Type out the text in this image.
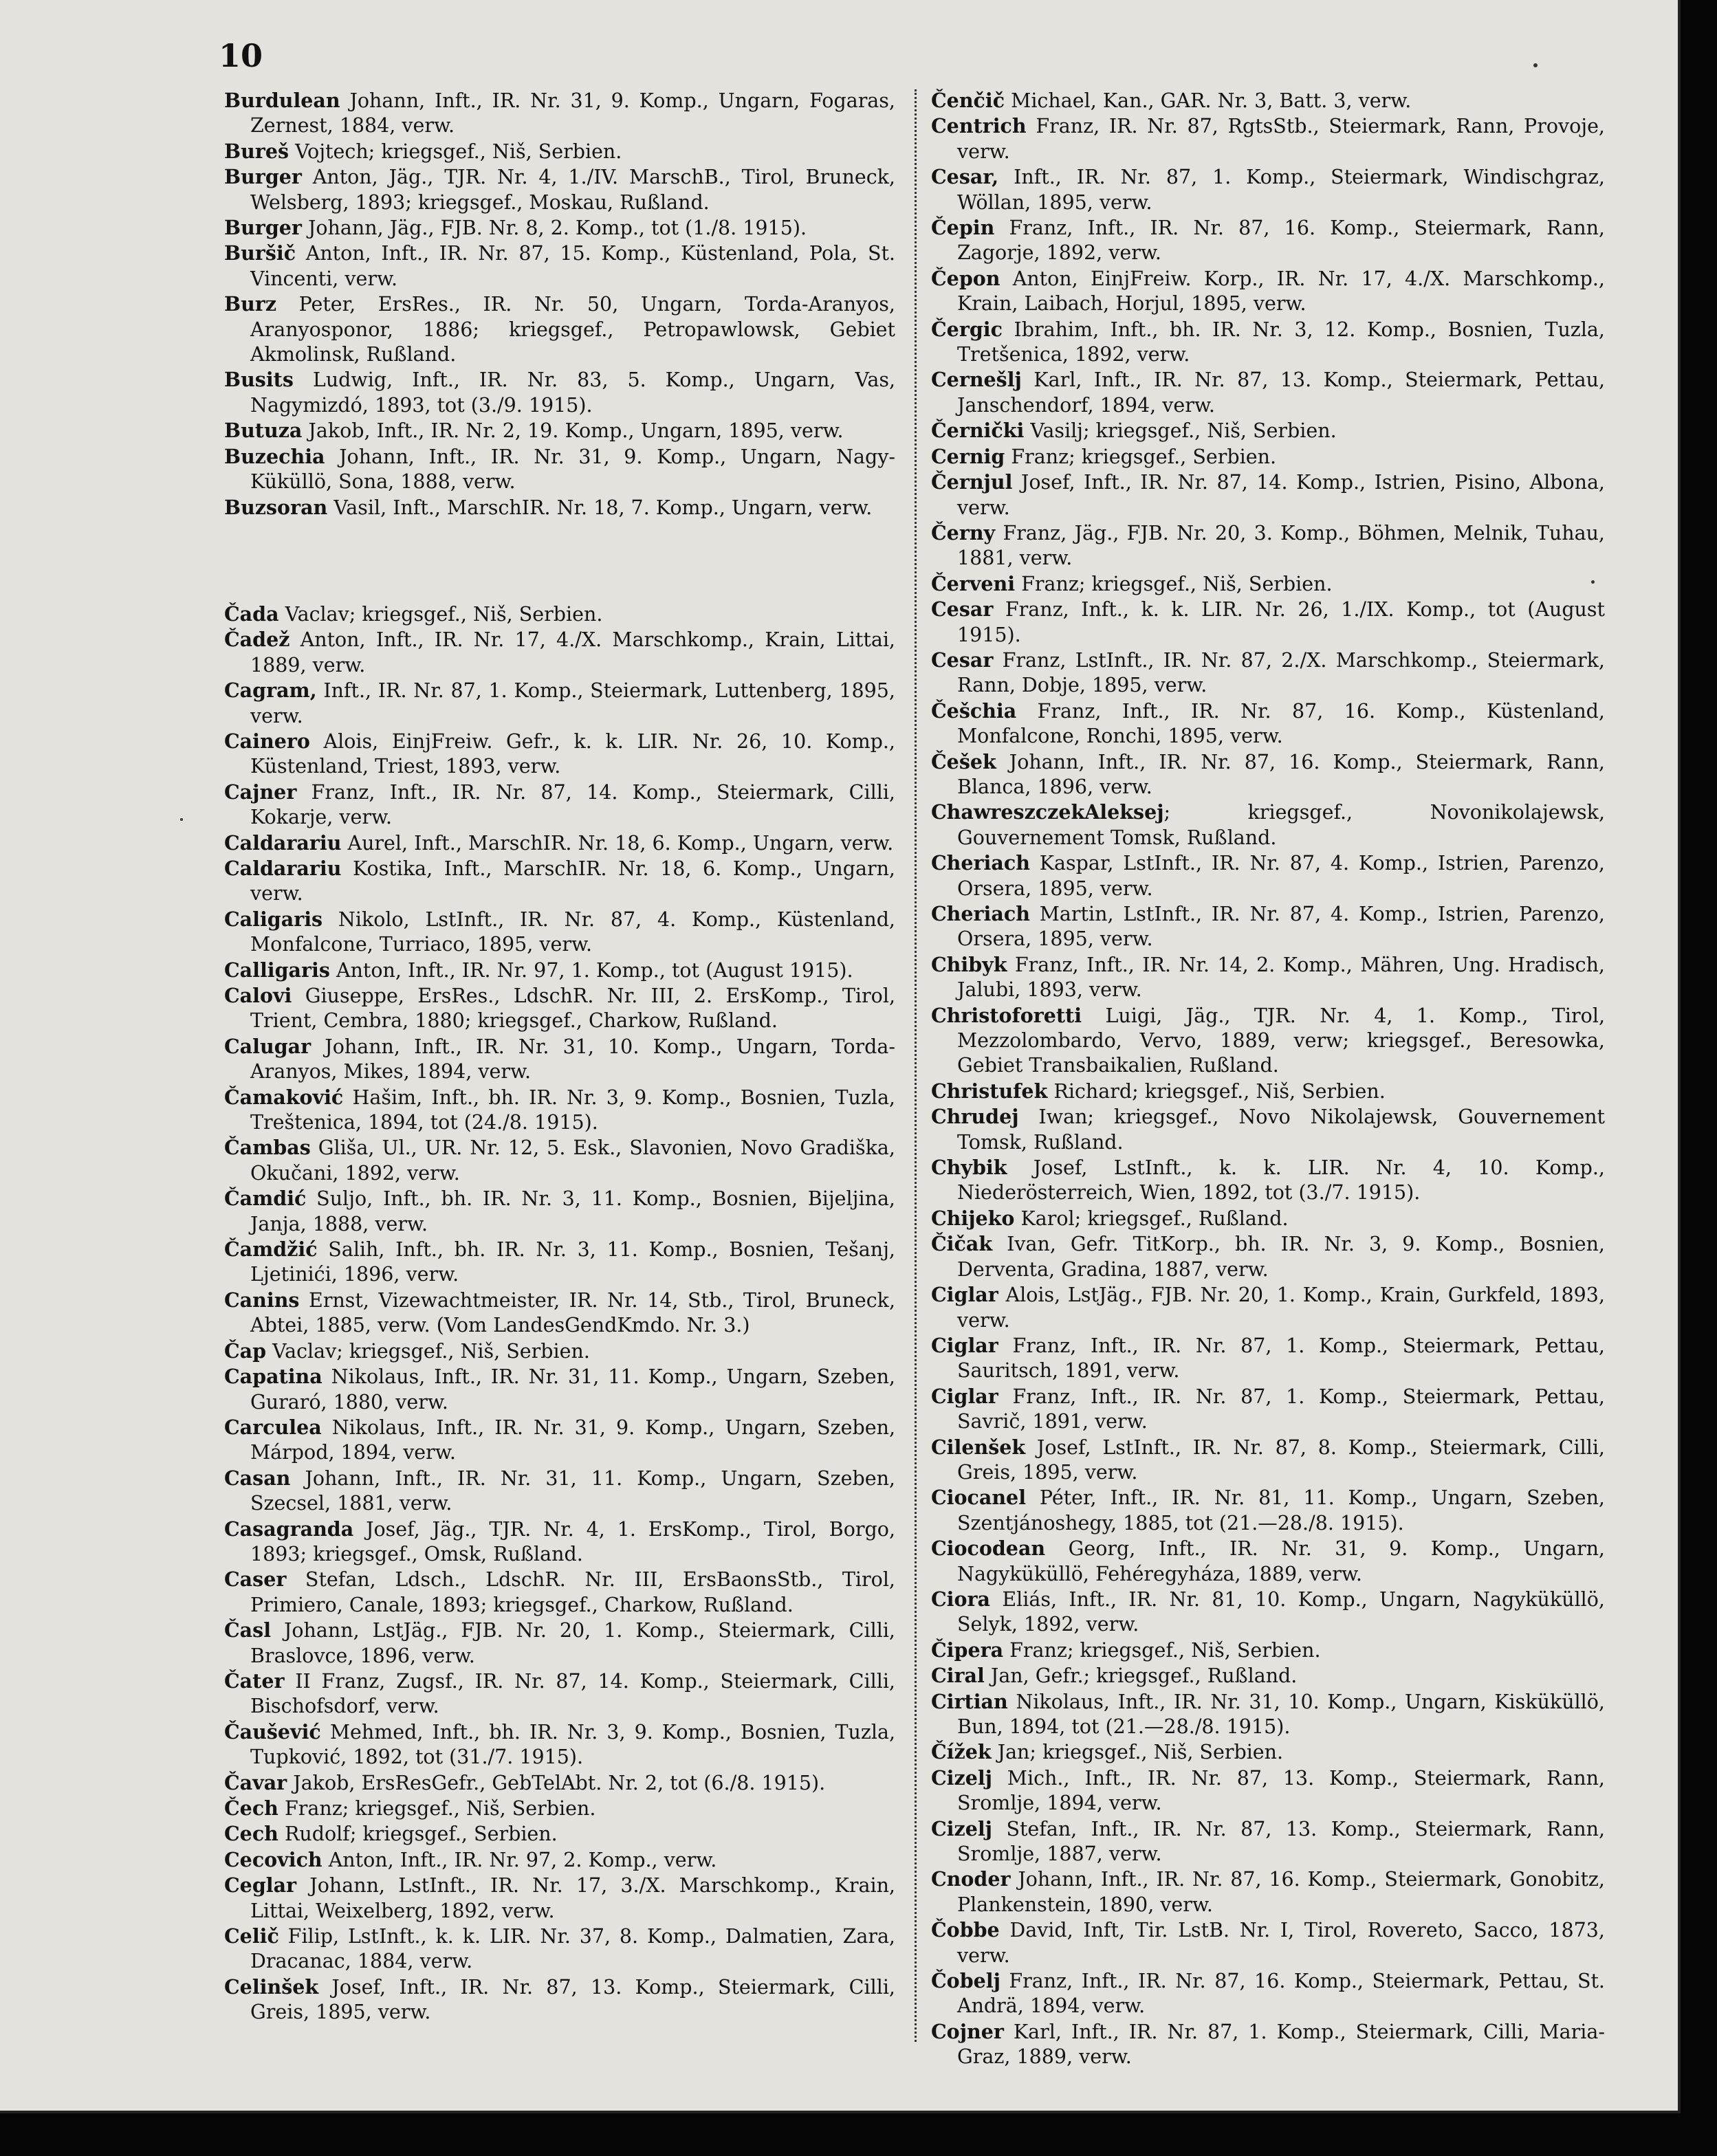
10
Burdulean Johann, Inft., IR. Nr. 31, 9. Komp., Ungarn, Fogaras, Zernest, 1884, verw.
Bureš Vojtech; kriegsgef., Niš, Serbien.
Burger Anton, Jäg., TJR. Nr. 4, 1./IV. MarschB., Tirol, Bruneck, Welsberg, 1893; kriegsgef., Moskau, Rußland.
Burger Johann, Jäg., FJB. Nr. 8, 2. Komp., tot (1./8. 1915).
Buršič Anton, Inft., IR. Nr. 87, 15. Komp., Küstenland, Pola, St. Vincenti, verw.
Burz Peter, ErsRes., IR. Nr. 50, Ungarn, Torda-Aranyos, Aranyosponor, 1886; kriegsgef., Petropawlowsk, Gebiet Akmolinsk, Rußland.
Busits Ludwig, Inft., IR. Nr. 83, 5. Komp., Ungarn, Vas, Nagymizdó, 1893, tot (3./9. 1915).
Butuza Jakob, Inft., IR. Nr. 2, 19. Komp., Ungarn, 1895, verw.
Buzechia Johann, Inft., IR. Nr. 31, 9. Komp., Ungarn, Nagy-Küküllö, Sona, 1888, verw.
Buzsoran Vasil, Inft., MarschIR. Nr. 18, 7. Komp., Ungarn, verw.
Čada Vaclav; kriegsgef., Niš, Serbien.
Čadež Anton, Inft., IR. Nr. 17, 4./X. Marschkomp., Krain, Littai, 1889, verw.
Cagram, Inft., IR. Nr. 87, 1. Komp., Steiermark, Luttenberg, 1895, verw.
Cainero Alois, EinjFreiw. Gefr., k. k. LIR. Nr. 26, 10. Komp., Küstenland, Triest, 1893, verw.
Cajner Franz, Inft., IR. Nr. 87, 14. Komp., Steiermark, Cilli, Kokarje, verw.
Caldarariu Aurel, Inft., MarschIR. Nr. 18, 6. Komp., Ungarn, verw.
Caldarariu Kostika, Inft., MarschIR. Nr. 18, 6. Komp., Ungarn, verw.
Caligaris Nikolo, LstInft., IR. Nr. 87, 4. Komp., Küstenland, Monfalcone, Turriaco, 1895, verw.
Calligaris Anton, Inft., IR. Nr. 97, 1. Komp., tot (August 1915).
Calovi Giuseppe, ErsRes., LdschR. Nr. III, 2. ErsKomp., Tirol, Trient, Cembra, 1880; kriegsgef., Charkow, Rußland.
Calugar Johann, Inft., IR. Nr. 31, 10. Komp., Ungarn, Torda-Aranyos, Mikes, 1894, verw.
Čamaković Hašim, Inft., bh. IR. Nr. 3, 9. Komp., Bosnien, Tuzla, Treštenica, 1894, tot (24./8. 1915).
Čambas Gliša, Ul., UR. Nr. 12, 5. Esk., Slavonien, Novo Gradiška, Okučani, 1892, verw.
Čamdić Suljo, Inft., bh. IR. Nr. 3, 11. Komp., Bosnien, Bijeljina, Janja, 1888, verw.
Čamdžić Salih, Inft., bh. IR. Nr. 3, 11. Komp., Bosnien, Tešanj, Ljetinići, 1896, verw.
Canins Ernst, Vizewachtmeister, IR. Nr. 14, Stb., Tirol, Bruneck, Abtei, 1885, verw. (Vom LandesGendKmdo. Nr. 3.)
Čap Vaclav; kriegsgef., Niš, Serbien.
Capatina Nikolaus, Inft., IR. Nr. 31, 11. Komp., Ungarn, Szeben, Guraró, 1880, verw.
Carculea Nikolaus, Inft., IR. Nr. 31, 9. Komp., Ungarn, Szeben, Márpod, 1894, verw.
Casan Johann, Inft., IR. Nr. 31, 11. Komp., Ungarn, Szeben, Szecsel, 1881, verw.
Casagranda Josef, Jäg., TJR. Nr. 4, 1. ErsKomp., Tirol, Borgo, 1893; kriegsgef., Omsk, Rußland.
Caser Stefan, Ldsch., LdschR. Nr. III, ErsBaonsStb., Tirol, Primiero, Canale, 1893; kriegsgef., Charkow, Rußland.
Časl Johann, LstJäg., FJB. Nr. 20, 1. Komp., Steiermark, Cilli, Braslovce, 1896, verw.
Čater II Franz, Zugsf., IR. Nr. 87, 14. Komp., Steiermark, Cilli, Bischofsdorf, verw.
Čaušević Mehmed, Inft., bh. IR. Nr. 3, 9. Komp., Bosnien, Tuzla, Tupković, 1892, tot (31./7. 1915).
Čavar Jakob, ErsResGefr., GebTelAbt. Nr. 2, tot (6./8. 1915).
Čech Franz; kriegsgef., Niš, Serbien.
Cech Rudolf; kriegsgef., Serbien.
Cecovich Anton, Inft., IR. Nr. 97, 2. Komp., verw.
Ceglar Johann, LstInft., IR. Nr. 17, 3./X. Marschkomp., Krain, Littai, Weixelberg, 1892, verw.
Celič Filip, LstInft., k. k. LIR. Nr. 37, 8. Komp., Dalmatien, Zara, Dracanac, 1884, verw.
Celinšek Josef, Inft., IR. Nr. 87, 13. Komp., Steiermark, Cilli, Greis, 1895, verw.
Čenčič Michael, Kan., GAR. Nr. 3, Batt. 3, verw.
Centrich Franz, IR. Nr. 87, RgtsStb., Steiermark, Rann, Provoje, verw.
Cesar, Inft., IR. Nr. 87, 1. Komp., Steiermark, Windischgraz, Wöllan, 1895, verw.
Čepin Franz, Inft., IR. Nr. 87, 16. Komp., Steiermark, Rann, Zagorje, 1892, verw.
Čepon Anton, EinjFreiw. Korp., IR. Nr. 17, 4./X. Marschkomp., Krain, Laibach, Horjul, 1895, verw.
Čergic Ibrahim, Inft., bh. IR. Nr. 3, 12. Komp., Bosnien, Tuzla, Tretšenica, 1892, verw.
Cernešlj Karl, Inft., IR. Nr. 87, 13. Komp., Steiermark, Pettau, Janschendorf, 1894, verw.
Černički Vasilj; kriegsgef., Niš, Serbien.
Cernig Franz; kriegsgef., Serbien.
Černjul Josef, Inft., IR. Nr. 87, 14. Komp., Istrien, Pisino, Albona, verw.
Černy Franz, Jäg., FJB. Nr. 20, 3. Komp., Böhmen, Melnik, Tuhau, 1881, verw.
Červeni Franz; kriegsgef., Niš, Serbien.
Cesar Franz, Inft., k. k. LIR. Nr. 26, 1./IX. Komp., tot (August 1915).
Cesar Franz, LstInft., IR. Nr. 87, 2./X. Marschkomp., Steiermark, Rann, Dobje, 1895, verw.
Češchia Franz, Inft., IR. Nr. 87, 16. Komp., Küstenland, Monfalcone, Ronchi, 1895, verw.
Češek Johann, Inft., IR. Nr. 87, 16. Komp., Steiermark, Rann, Blanca, 1896, verw.
ChawreszczekAleksej; kriegsgef., Novonikolajewsk, Gouvernement Tomsk, Rußland.
Cheriach Kaspar, LstInft., IR. Nr. 87, 4. Komp., Istrien, Parenzo, Orsera, 1895, verw.
Cheriach Martin, LstInft., IR. Nr. 87, 4. Komp., Istrien, Parenzo, Orsera, 1895, verw.
Chibyk Franz, Inft., IR. Nr. 14, 2. Komp., Mähren, Ung. Hradisch, Jalubi, 1893, verw.
Christoforetti Luigi, Jäg., TJR. Nr. 4, 1. Komp., Tirol, Mezzolombardo, Vervo, 1889, verw; kriegsgef., Beresowka, Gebiet Transbaikalien, Rußland.
Christufek Richard; kriegsgef., Niš, Serbien.
Chrudej Iwan; kriegsgef., Novo Nikolajewsk, Gouvernement Tomsk, Rußland.
Chybik Josef, LstInft., k. k. LIR. Nr. 4, 10. Komp., Niederösterreich, Wien, 1892, tot (3./7. 1915).
Chijeko Karol; kriegsgef., Rußland.
Čičak Ivan, Gefr. TitKorp., bh. IR. Nr. 3, 9. Komp., Bosnien, Derventa, Gradina, 1887, verw.
Ciglar Alois, LstJäg., FJB. Nr. 20, 1. Komp., Krain, Gurkfeld, 1893, verw.
Ciglar Franz, Inft., IR. Nr. 87, 1. Komp., Steiermark, Pettau, Sauritsch, 1891, verw.
Ciglar Franz, Inft., IR. Nr. 87, 1. Komp., Steiermark, Pettau, Savrič, 1891, verw.
Cilenšek Josef, LstInft., IR. Nr. 87, 8. Komp., Steiermark, Cilli, Greis, 1895, verw.
Ciocanel Péter, Inft., IR. Nr. 81, 11. Komp., Ungarn, Szeben, Szentjánoshegy, 1885, tot (21.—28./8. 1915).
Ciocodean Georg, Inft., IR. Nr. 31, 9. Komp., Ungarn, Nagyküküllö, Fehéregyháza, 1889, verw.
Ciora Eliás, Inft., IR. Nr. 81, 10. Komp., Ungarn, Nagyküküllö, Selyk, 1892, verw.
Čipera Franz; kriegsgef., Niš, Serbien.
Ciral Jan, Gefr.; kriegsgef., Rußland.
Cirtian Nikolaus, Inft., IR. Nr. 31, 10. Komp., Ungarn, Kisküküllö, Bun, 1894, tot (21.—28./8. 1915).
Čížek Jan; kriegsgef., Niš, Serbien.
Cizelj Mich., Inft., IR. Nr. 87, 13. Komp., Steiermark, Rann, Sromlje, 1894, verw.
Cizelj Stefan, Inft., IR. Nr. 87, 13. Komp., Steiermark, Rann, Sromlje, 1887, verw.
Cnoder Johann, Inft., IR. Nr. 87, 16. Komp., Steiermark, Gonobitz, Plankenstein, 1890, verw.
Čobbe David, Inft, Tir. LstB. Nr. I, Tirol, Rovereto, Sacco, 1873, verw.
Čobelj Franz, Inft., IR. Nr. 87, 16. Komp., Steiermark, Pettau, St. Andrä, 1894, verw.
Cojner Karl, Inft., IR. Nr. 87, 1. Komp., Steiermark, Cilli, Maria-Graz, 1889, verw.
